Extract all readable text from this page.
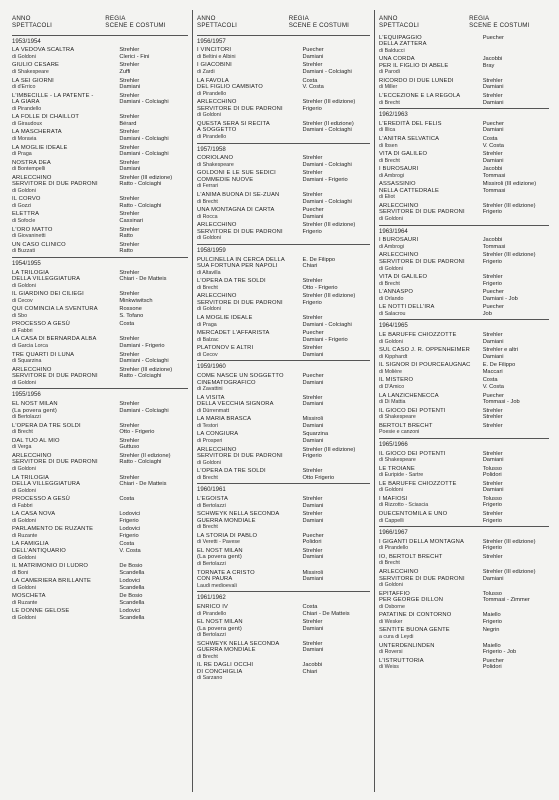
ANNO
SPETTACOLI
REGIA
SCENE E COSTUMI
1953/1954
LA VEDOVA SCALTRA
di Goldoni
Strehler
Clerici - Fini
GIULIO CESARE
di Shakespeare
Strehler
Zuffi
LA SEI GIORNI
di d'Errico
Strehler
Damiani
L'IMBECILLE - LA PATENTE -
LA GIARA
di Pirandello
Strehler
Damiani - Colciaghi
LA FOLLE DI CHAILLOT
di Giraudoux
Strehler
Bérard
LA MASCHERATA
di Moravia
Strehler
Damiani - Colciaghi
LA MOGLIE IDEALE
di Praga
Strehler
Damiani - Colciaghi
NOSTRA DEA
di Bontempelli
Strehler
Damiani
ARLECCHINO
SERVITORE DI DUE PADRONI
di Goldoni
Strehler (III edizione)
Ratto - Colciaghi
IL CORVO
di Gozzi
Strehler
Ratto - Colciaghi
ELETTRA
di Sofocle
Strehler
Cassinari
L'ORO MATTO
di Giovaninetti
Strehler
Ratto
UN CASO CLINICO
di Buzzati
Strehler
Ratto
1954/1955
LA TRILOGIA
DELLA VILLEGGIATURA
di Goldoni
Strehler
Chiari - De Matteis
IL GIARDINO DEI CILIEGI
di Cecov
Strehler
Minkwiwitsch
QUI COMINCIA LA SVENTURA
di Sbo
Rossone
S. Tofano
PROCESSO A GESÙ
di Fabbri
Costa
LA CASA DI BERNARDA ALBA
di Garcia Lorca
Strehler
Damiani - Frigerio
TRE QUARTI DI LUNA
di Squarzina
Strehler
Damiani - Colciaghi
ARLECCHINO
SERVITORE DI DUE PADRONI
di Goldoni
Strehler (III edizione)
Ratto - Colciaghi
1955/1956
EL NOST MILAN
(La povera gent)
di Bertolazzi
Strehler
Damiani - Colciaghi
L'OPERA DA TRE SOLDI
di Brecht
Strehler
Otto - Frigerio
DAL TUO AL MIO
di Verga
Strehler
Guttuso
ARLECCHINO
SERVITORE DI DUE PADRONI
di Goldoni
Strehler (II edizione)
Ratto - Colciaghi
LA TRILOGIA
DELLA VILLEGGIATURA
di Goldoni
Strehler
Chiari - De Matteis
PROCESSO A GESÙ
di Fabbri
Costa
LA CASA NOVA
di Goldoni
Lodovici
Frigerio
PARLAMENTO DE RUZANTE
di Ruzante
Lodovici
Frigerio
LA FAMIGLIA
DELL'ANTIQUARIO
di Goldoni
Costa
V. Costa
IL MATRIMONIO DI LUDRO
di Boni
De Bosio
Scandella
LA CAMERIERA BRILLANTE
di Goldoni
Lodovici
Scandella
MOSCHETA
di Ruzante
De Bosio
Scandella
LE DONNE GELOSE
di Goldoni
Lodovici
Scandella
ANNO
SPETTACOLI
REGIA
SCENE E COSTUMI
1956/1957
I VINCITORI
di Beltini e Albini
Puecher
Damiani
I GIACOBINI
di Zardi
Strehler
Damiani - Colciaghi
LA FAVOLA
DEL FIGLIO CAMBIATO
di Pirandello
Costa
V. Costa
ARLECCHINO
SERVITORE DI DUE PADRONI
di Goldoni
Strehler (III edizione)
Frigerio
QUESTA SERA SI RECITA
A SOGGETTO
di Pirandello
Strehler (II edizione)
Damiani - Colciaghi
1957/1958
CORIOLANO
di Shakespeare
Strehler
Damiani - Colciaghi
GOLDONI E LE SUE SEDICI
COMMEDIE NUOVE
di Ferrari
Strehler
Damiani - Frigerio
L'ANIMA BUONA DI SE-ZUAN
di Brecht
Strehler
Damiani - Colciaghi
UNA MONTAGNA DI CARTA
di Rocca
Puecher
Damiani
ARLECCHINO
SERVITORE DI DUE PADRONI
di Goldoni
Strehler (III edizione)
Frigerio
1958/1959
PULCINELLA IN CERCA DELLA
SUA FORTUNA PER NAPOLI
di Altavilla
E. De Filippo
Chiari
L'OPERA DA TRE SOLDI
di Brecht
Strehler
Otto - Frigerio
ARLECCHINO
SERVITORE DI DUE PADRONI
di Goldoni
Strehler (III edizione)
Frigerio
LA MOGLIE IDEALE
di Praga
Strehler
Damiani - Colciaghi
MERCADET L'AFFARISTA
di Balzac
Puecher
Damiani - Frigerio
PLATONOV E ALTRI
di Cecov
Strehler
Damiani
1959/1960
COME NASCE UN SOGGETTO
CINEMATOGRAFICO
di Zavattini
Puecher
Damiani
LA VISITA
DELLA VECCHIA SIGNORA
di Dürrenmatt
Strehler
Damiani
LA MARIA BRASCA
di Testori
Missiroli
Damiani
LA CONGIURA
di Prosperi
Squarzina
Damiani
ARLECCHINO
SERVITORE DI DUE PADRONI
di Goldoni
Strehler (III edizione)
Frigerio
L'OPERA DA TRE SOLDI
di Brecht
Strehler
Otto Frigerio
1960/1961
L'EGOISTA
di Bertolazzi
Strehler
Damiani
SCHWEYK NELLA SECONDA
GUERRA MONDIALE
di Brecht
Strehler
Damiani
LA STORIA DI PABLO
di Veretti - Pavese
Puecher
Polidori
EL NOST MILAN
(La povera gent)
di Bertolazzi
Strehler
Damiani
TORNATE A CRISTO
CON PAURA
Laudi medioevali
Missiroli
Damiani
1961/1962
ENRICO IV
di Pirandello
Costa
Chiari - De Matteis
EL NOST MILAN
(La povera gent)
di Bertolazzi
Strehler
Damiani
SCHWEYK NELLA SECONDA
GUERRA MONDIALE
di Brecht
Strehler
Damiani
IL RE DAGLI OCCHI
DI CONCHIGLIA
di Sarzano
Jacobbi
Chiari
ANNO
SPETTACOLI
REGIA
SCENE E COSTUMI
L'EQUIPAGGIO
DELLA ZATTERA
di Balducci
Puecher
UNA CORDA
PER IL FIGLIO DI ABELE
di Parodi
Jacobbi
Bray
RICORDO DI DUE LUNEDI
di Miller
Strehler
Damiani
L'ECCEZIONE E LA REGOLA
di Brecht
Strehler
Damiani
1962/1963
L'EREDITÀ DEL FELIS
di Illica
Puecher
Damiani
L'ANITRA SELVATICA
di Ibsen
Costa
V. Costa
VITA DI GALILEO
di Brecht
Strehler
Damiani
I BUROSAURI
di Ambrogi
Jacobbi
Tommasi
ASSASSINIO
NELLA CATTEDRALE
di Eliot
Missiroli (III edizione)
Tommasi
ARLECCHINO
SERVITORE DI DUE PADRONI
di Goldoni
Strehler (III edizione)
Frigerio
1963/1964
I BUROSAURI
di Ambrogi
Jacobbi
Tommasi
ARLECCHINO
SERVITORE DI DUE PADRONI
di Goldoni
Strehler (III edizione)
Frigerio
VITA DI GALILEO
di Brecht
Strehler
Frigerio
L'ANNASPO
di Orlando
Puecher
Damiani - Job
LE NOTTI DELL'IRA
di Salacrou
Puecher
Job
1964/1965
LE BARUFFE CHIOZZOTTE
di Goldoni
Strehler
Damiani
SUL CASO J. R. OPPENHEIMER
di Kipphardt
Strehler e altri
Damiani
IL SIGNOR DI POURCEAUGNAC
di Molière
E. De Filippo
Maccari
IL MISTERO
di D'Amico
Costa
V. Costa
LA LANZICHENECCA
di Di Mattia
Puecher
Tommasi - Job
IL GIOCO DEI POTENTI
di Shakespeare
Strehler
Strehler
BERTOLT BRECHT
Poesie e canzoni
Strehler
1965/1966
IL GIOCO DEI POTENTI
di Shakespeare
Strehler
Damiani
LE TROIANE
di Euripide - Sartre
Tolusso
Polidori
LE BARUFFE CHIOZZOTTE
di Goldoni
Strehler
Damiani
I MAFIOSI
di Rizzotto - Sciascia
Tolusso
Frigerio
DUECENTOMILA E UNO
di Cappelli
Strehler
Frigerio
1966/1967
I GIGANTI DELLA MONTAGNA
di Pirandello
Strehler (III edizione)
Frigerio
IO, BERTOLT BRECHT
di Brecht
Strehler
ARLECCHINO
SERVITORE DI DUE PADRONI
di Goldoni
Strehler (III edizione)
Damiani
EPITAFFIO
PER GEORGE DILLON
di Osborne
Tolusso
Tommasi - Zimmer
PATATINE DI CONTORNO
di Wesker
Maiello
Frigerio
SENTITE BUONA GENTE
a cura di Leydi
Negrin
UNTERDENLINDEN
di Roversi
Maiello
Frigerio - Job
L'ISTRUTTORIA
di Weiss
Puecher
Polidori
